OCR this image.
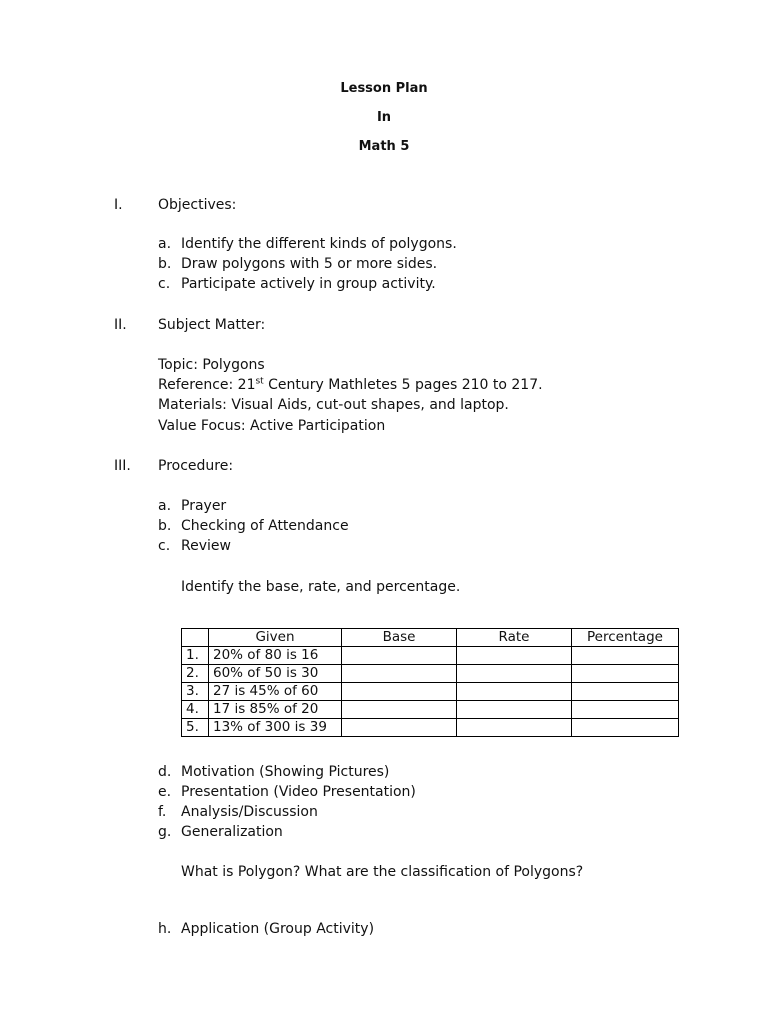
Lesson Plan
In
Math 5
I.	Objectives:
a. Identify the different kinds of polygons.
b. Draw polygons with 5 or more sides.
c. Participate actively in group activity.
II. Subject Matter:
Topic: Polygons
Reference: 21st Century Mathletes 5 pages 210 to 217.
Materials: Visual Aids, cut-out shapes, and laptop.
Value Focus: Active Participation
III. Procedure:
a. Prayer
b. Checking of Attendance
c. Review
Identify the base, rate, and percentage.
	Given	Base	Rate	Percentage
1.	20% of 80 is 16			
2.	60% of 50 is 30			
3.	27 is 45% of 60			
4.	17 is 85% of 20			
5.	13% of 300 is 39			
d. Motivation (Showing Pictures)
e. Presentation (Video Presentation)
f. Analysis/Discussion
g. Generalization
What is Polygon? What are the classification of Polygons?
h. Application (Group Activity)
